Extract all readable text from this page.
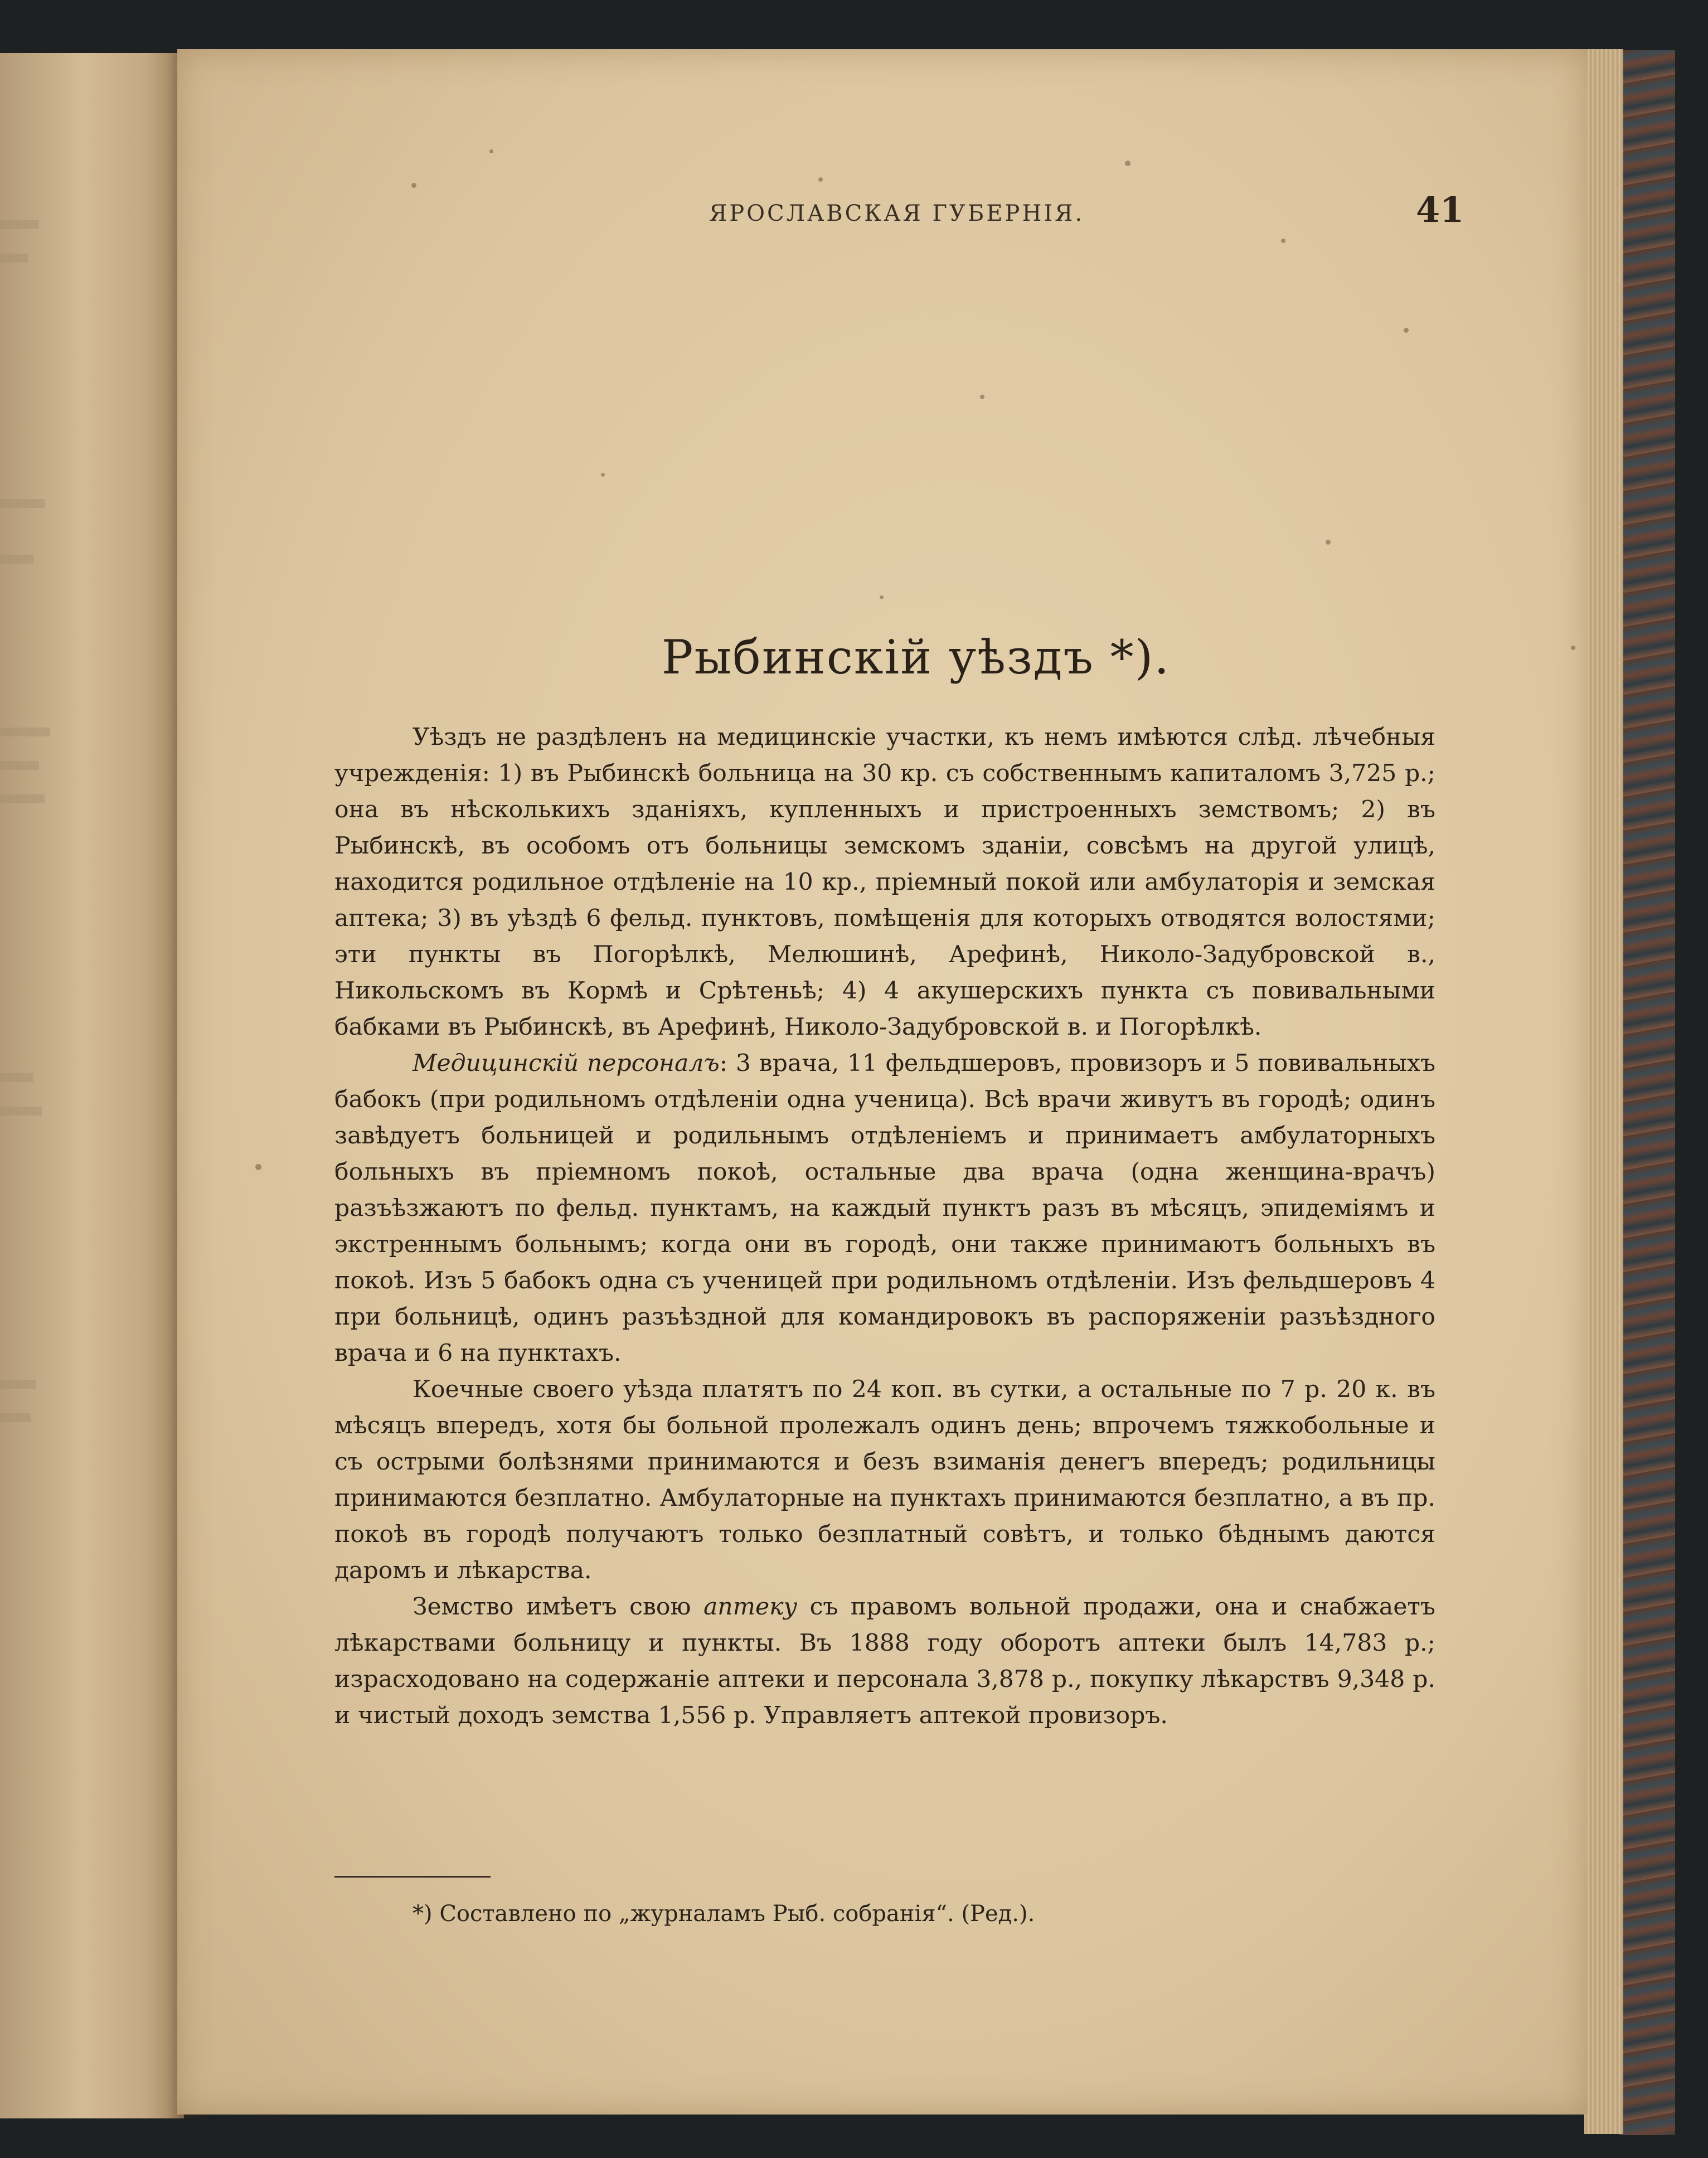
ЯРОСЛАВСКАЯ ГУБЕРНIЯ.	41
Рыбинскiй уѣздъ *).

Уѣздъ не раздѣленъ на медицинскiе участки, къ немъ имѣются слѣд. лѣчебныя учрежденiя: 1) въ Рыбинскѣ больница на 30 кр. съ собственнымъ капиталомъ 3,725 р.; она въ нѣсколькихъ зданiяхъ, купленныхъ и пристроенныхъ земствомъ; 2) въ Рыбинскѣ, въ особомъ отъ больницы земскомъ зданiи, совсѣмъ на другой улицѣ, находится родильное отдѣленiе на 10 кр., прiемный покой или амбулаторiя и земская аптека; 3) въ уѣздѣ 6 фельд. пунктовъ, помѣщенiя для которыхъ отводятся волостями; эти пункты въ Погорѣлкѣ, Мелюшинѣ, Арефинѣ, Николо-Задубровской в., Никольскомъ въ Кормѣ и Срѣтеньѣ; 4) 4 акушерскихъ пункта съ повивальными бабками въ Рыбинскѣ, въ Арефинѣ, Николо-Задубровской в. и Погорѣлкѣ.

Медицинскiй персоналъ: 3 врача, 11 фельдшеровъ, провизоръ и 5 повивальныхъ бабокъ (при родильномъ отдѣленiи одна ученица). Всѣ врачи живутъ въ городѣ; одинъ завѣдуетъ больницей и родильнымъ отдѣленiемъ и принимаетъ амбулаторныхъ больныхъ въ прiемномъ покоѣ, остальные два врача (одна женщина-врачъ) разъѣзжаютъ по фельд. пунктамъ, на каждый пунктъ разъ въ мѣсяцъ, эпидемiямъ и экстреннымъ больнымъ; когда они въ городѣ, они также принимаютъ больныхъ въ покоѣ. Изъ 5 бабокъ одна съ ученицей при родильномъ отдѣленiи. Изъ фельдшеровъ 4 при больницѣ, одинъ разъѣздной для командировокъ въ распоряженiи разъѣздного врача и 6 на пунктахъ.

Коечные своего уѣзда платятъ по 24 коп. въ сутки, а остальные по 7 р. 20 к. въ мѣсяцъ впередъ, хотя бы больной пролежалъ одинъ день; впрочемъ тяжкобольные и съ острыми болѣзнями принимаются и безъ взиманiя денегъ впередъ; родильницы принимаются безплатно. Амбулаторные на пунктахъ принимаются безплатно, а въ пр. покоѣ въ городѣ получаютъ только безплатный совѣтъ, и только бѣднымъ даются даромъ и лѣкарства.

Земство имѣетъ свою аптеку съ правомъ вольной продажи, она и снабжаетъ лѣкарствами больницу и пункты. Въ 1888 году оборотъ аптеки былъ 14,783 р.; израсходовано на содержанiе аптеки и персонала 3,878 р., покупку лѣкарствъ 9,348 р. и чистый доходъ земства 1,556 р. Управляетъ аптекой провизоръ.

*) Составлено по „журналамъ Рыб. собранiя“. (Ред.).
